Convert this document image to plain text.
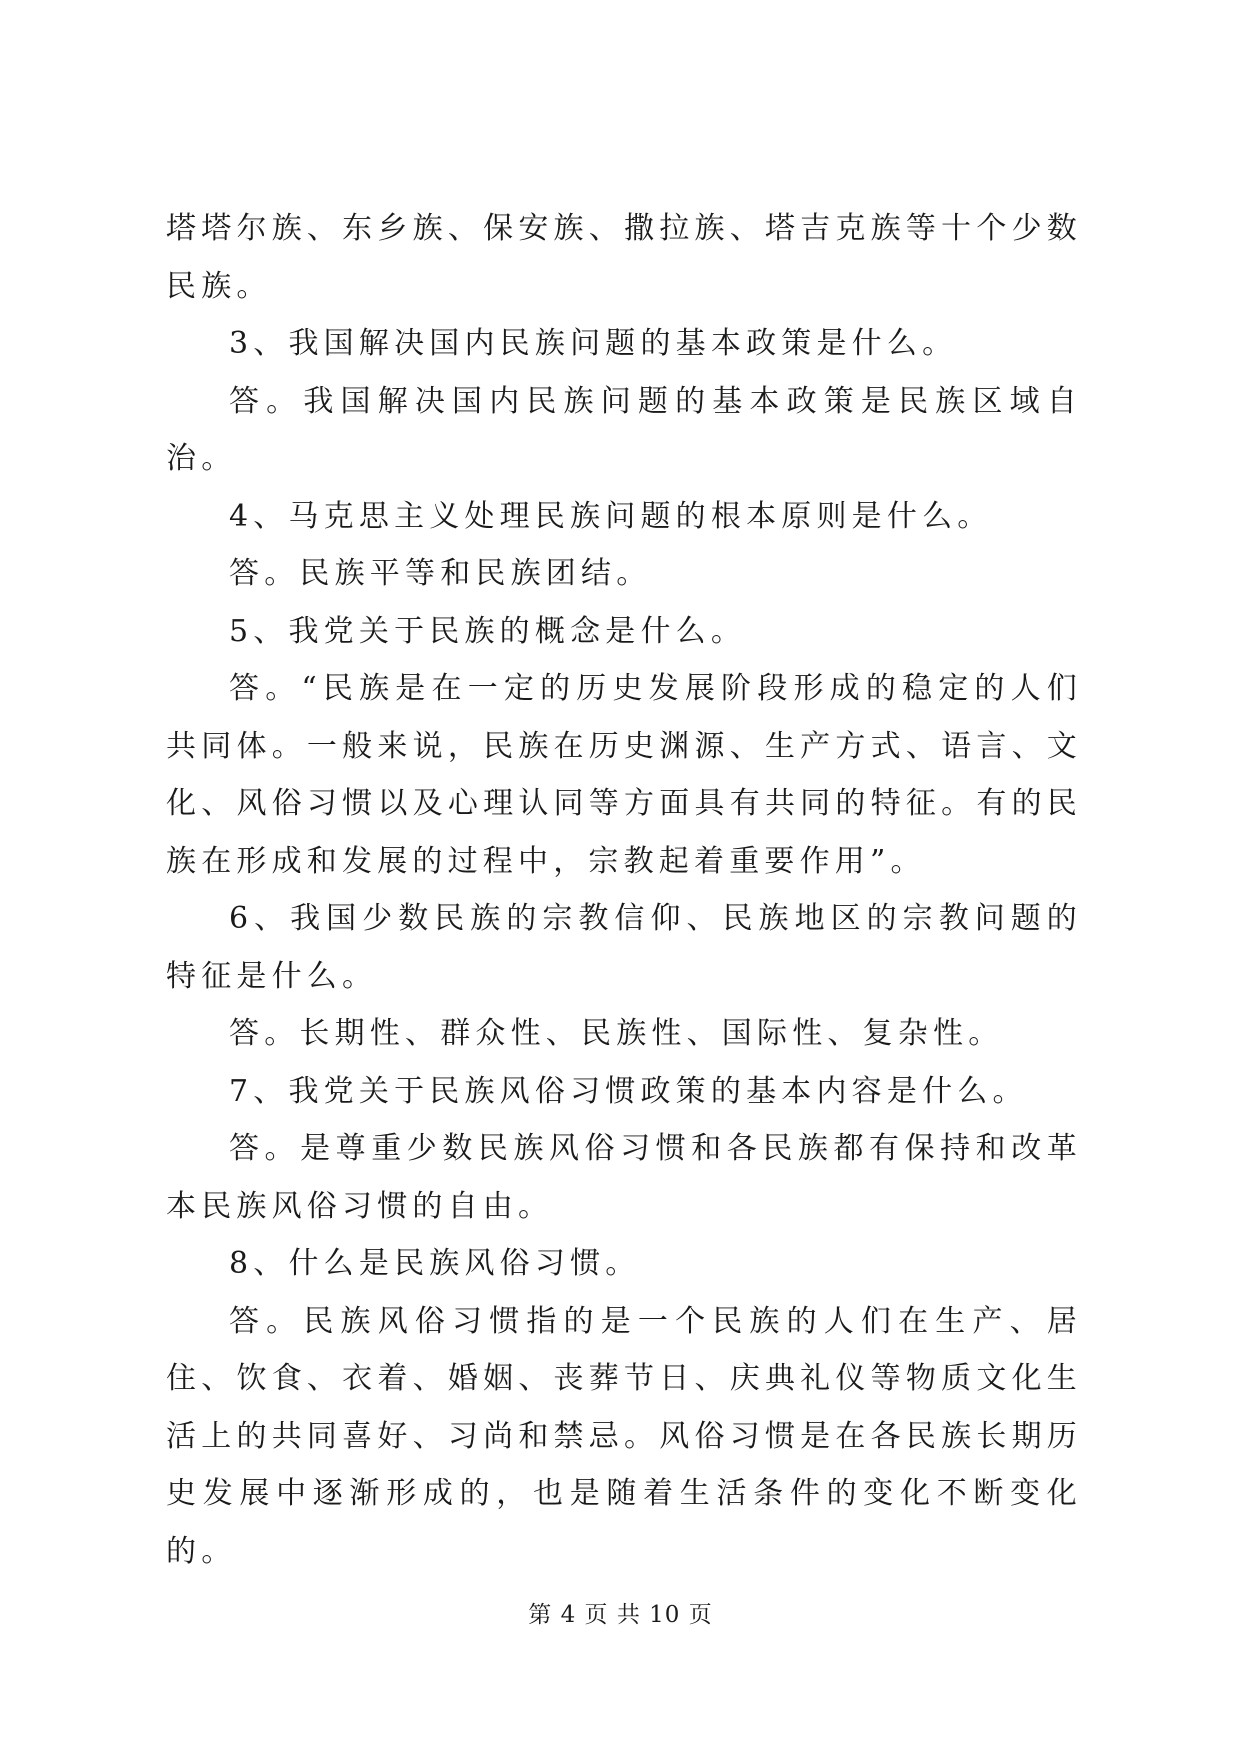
塔塔尔族、东乡族、保安族、撒拉族、塔吉克族等十个少数民族。

3、我国解决国内民族问题的基本政策是什么。

答。我国解决国内民族问题的基本政策是民族区域自治。

4、马克思主义处理民族问题的根本原则是什么。

答。民族平等和民族团结。

5、我党关于民族的概念是什么。

答。“民族是在一定的历史发展阶段形成的稳定的人们共同体。一般来说，民族在历史渊源、生产方式、语言、文化、风俗习惯以及心理认同等方面具有共同的特征。有的民族在形成和发展的过程中，宗教起着重要作用”。

6、我国少数民族的宗教信仰、民族地区的宗教问题的特征是什么。

答。长期性、群众性、民族性、国际性、复杂性。

7、我党关于民族风俗习惯政策的基本内容是什么。

答。是尊重少数民族风俗习惯和各民族都有保持和改革本民族风俗习惯的自由。

8、什么是民族风俗习惯。

答。民族风俗习惯指的是一个民族的人们在生产、居住、饮食、衣着、婚姻、丧葬节日、庆典礼仪等物质文化生活上的共同喜好、习尚和禁忌。风俗习惯是在各民族长期历史发展中逐渐形成的，也是随着生活条件的变化不断变化的。

第 4 页 共 10 页
